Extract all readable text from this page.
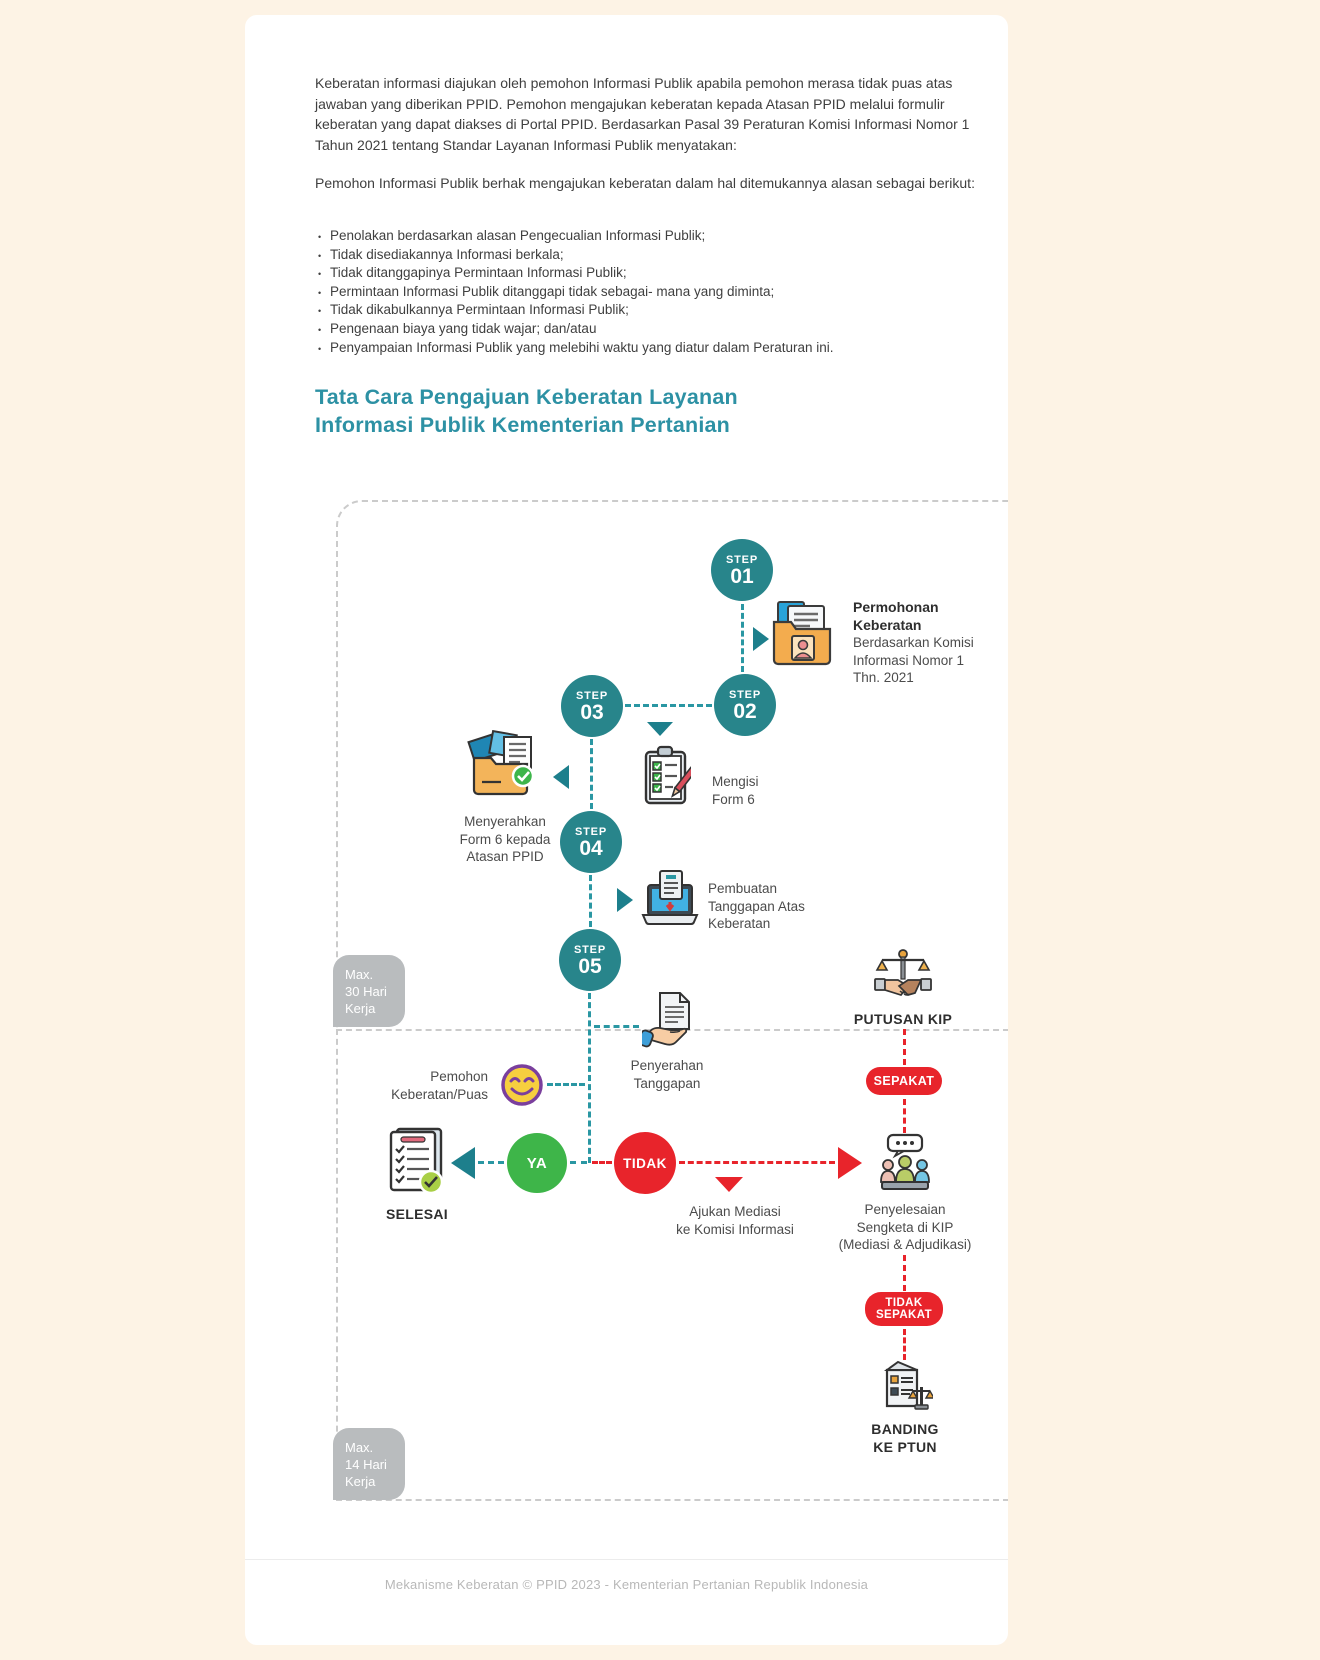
Keberatan informasi diajukan oleh pemohon Informasi Publik apabila pemohon merasa tidak puas atas jawaban yang diberikan PPID. Pemohon mengajukan keberatan kepada Atasan PPID melalui formulir keberatan yang dapat diakses di Portal PPID. Berdasarkan Pasal 39 Peraturan Komisi Informasi Nomor 1 Tahun 2021 tentang Standar Layanan Informasi Publik menyatakan:
Pemohon Informasi Publik berhak mengajukan keberatan dalam hal ditemukannya alasan sebagai berikut:
• Penolakan berdasarkan alasan Pengecualian Informasi Publik;
• Tidak disediakannya Informasi berkala;
• Tidak ditanggapinya Permintaan Informasi Publik;
• Permintaan Informasi Publik ditanggapi tidak sebagai- mana yang diminta;
• Tidak dikabulkannya Permintaan Informasi Publik;
• Pengenaan biaya yang tidak wajar; dan/atau
• Penyampaian Informasi Publik yang melebihi waktu yang diatur dalam Peraturan ini.
Tata Cara Pengajuan Keberatan Layanan
Informasi Publik Kementerian Pertanian
STEP
01
STEP
02
STEP
03
STEP
04
STEP
05
Permohonan
Keberatan
Berdasarkan Komisi
Informasi Nomor 1
Thn. 2021
Mengisi
Form 6
Menyerahkan
Form 6 kepada
Atasan PPID
Pembuatan
Tanggapan Atas
Keberatan
Penyerahan
Tanggapan
Pemohon
Keberatan/Puas
SELESAI
YA	TIDAK
Ajukan Mediasi
ke Komisi Informasi
PUTUSAN KIP
SEPAKAT
Penyelesaian
Sengketa di KIP
(Mediasi & Adjudikasi)
TIDAK
SEPAKAT
BANDING
KE PTUN
Max.
30 Hari
Kerja
Max.
14 Hari
Kerja
Mekanisme Keberatan © PPID 2023 - Kementerian Pertanian Republik Indonesia
